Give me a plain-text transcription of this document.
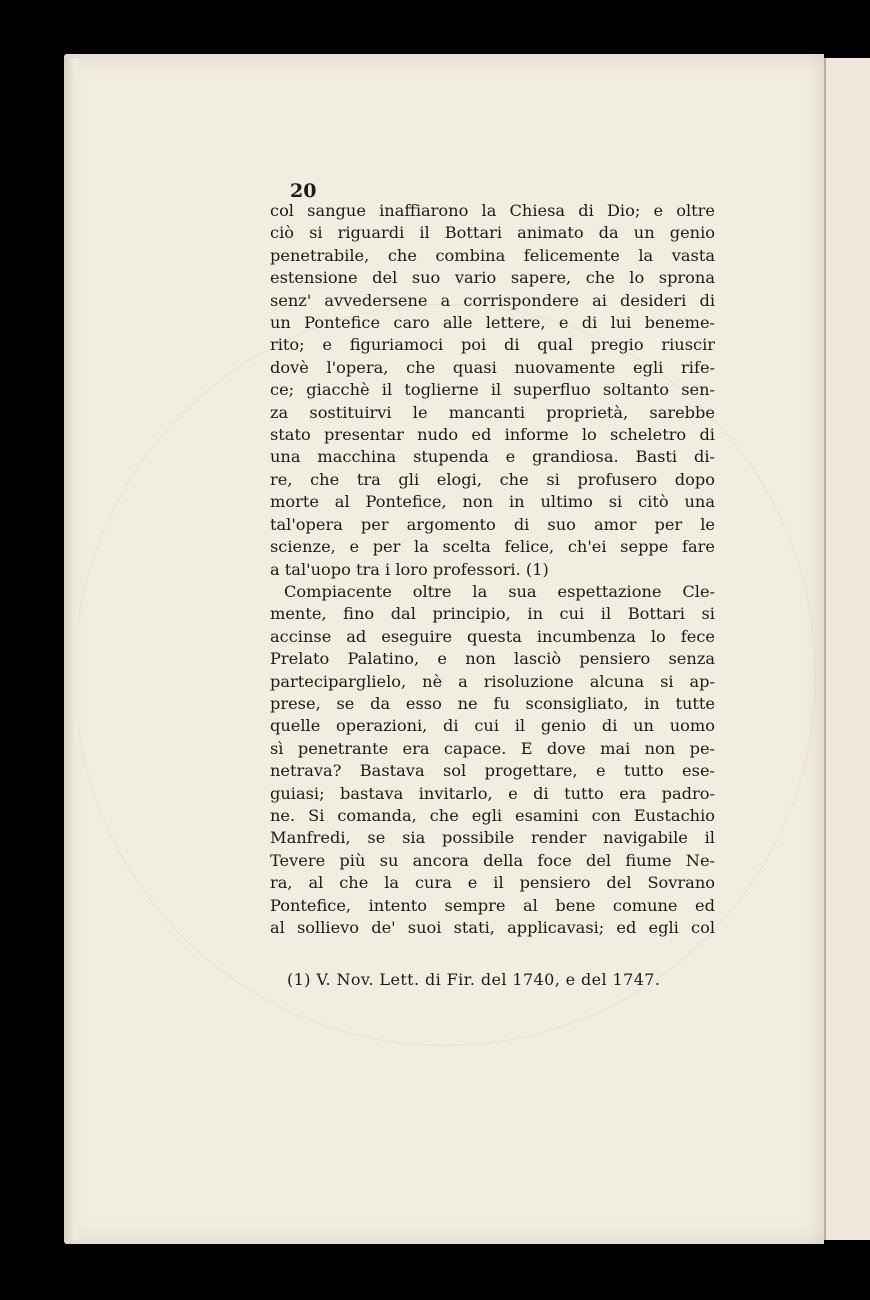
20
col sangue inaffiarono la Chiesa di Dio; e oltre
ciò si riguardi il Bottari animato da un genio
penetrabile, che combina felicemente la vasta
estensione del suo vario sapere, che lo sprona
senz' avvedersene a corrispondere ai desideri di
un Pontefice caro alle lettere, e di lui beneme-
rito; e figuriamoci poi di qual pregio riuscir
dovè l'opera, che quasi nuovamente egli rife-
ce; giacchè il toglierne il superfluo soltanto sen-
za sostituirvi le mancanti proprietà, sarebbe
stato presentar nudo ed informe lo scheletro di
una macchina stupenda e grandiosa. Basti di-
re, che tra gli elogi, che si profusero dopo
morte al Pontefice, non in ultimo si citò una
tal'opera per argomento di suo amor per le
scienze, e per la scelta felice, ch'ei seppe fare
a tal'uopo tra i loro professori. (1)
Compiacente oltre la sua espettazione Cle-
mente, fino dal principio, in cui il Bottari si
accinse ad eseguire questa incumbenza lo fece
Prelato Palatino, e non lasciò pensiero senza
parteciparglielo, nè a risoluzione alcuna si ap-
prese, se da esso ne fu sconsigliato, in tutte
quelle operazioni, di cui il genio di un uomo
sì penetrante era capace. E dove mai non pe-
netrava? Bastava sol progettare, e tutto ese-
guiasi; bastava invitarlo, e di tutto era padro-
ne. Si comanda, che egli esamini con Eustachio
Manfredi, se sia possibile render navigabile il
Tevere più su ancora della foce del fiume Ne-
ra, al che la cura e il pensiero del Sovrano
Pontefice, intento sempre al bene comune ed
al sollievo de' suoi stati, applicavasi; ed egli col
(1) V. Nov. Lett. di Fir. del 1740, e del 1747.
